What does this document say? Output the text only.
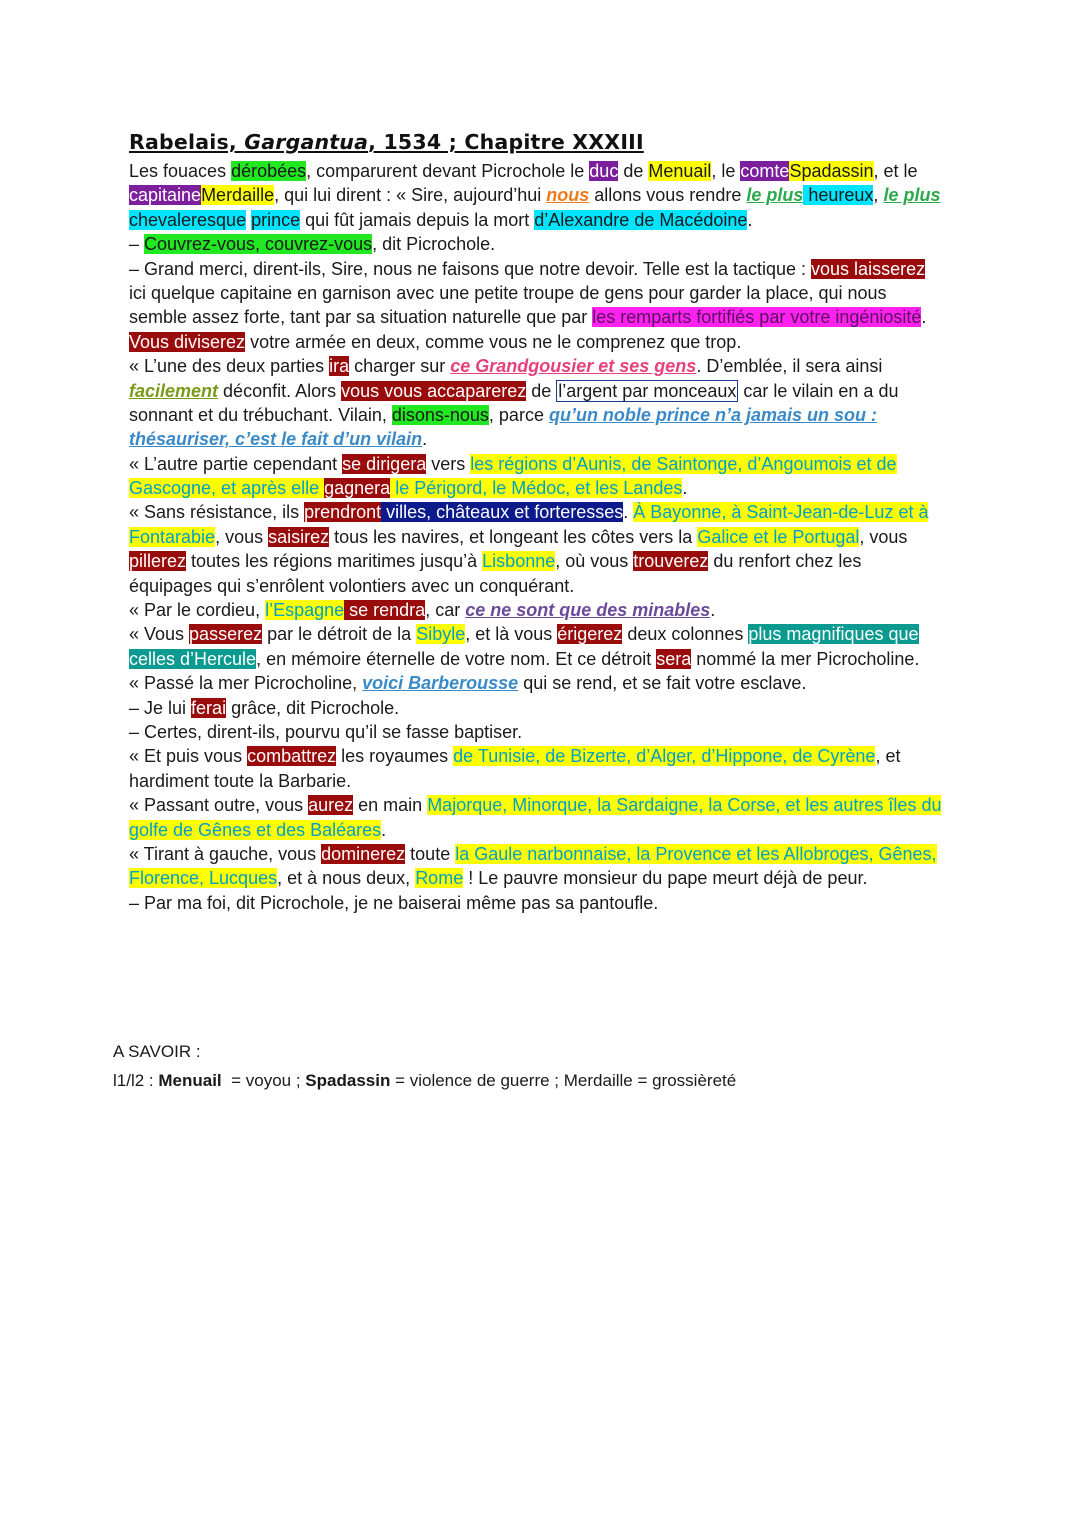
Rabelais, Gargantua, 1534 ; Chapitre XXXIII
Les fouaces dérobées, comparurent devant Picrochole le duc de Menuail, le comteSpadassin, et le
capitaineMerdaille, qui lui dirent : « Sire, aujourd’hui nous allons vous rendre le plus heureux, le plus
chevaleresque prince qui fût jamais depuis la mort d’Alexandre de Macédoine.
– Couvrez-vous, couvrez-vous, dit Picrochole.
– Grand merci, dirent-ils, Sire, nous ne faisons que notre devoir. Telle est la tactique : vous laisserez
ici quelque capitaine en garnison avec une petite troupe de gens pour garder la place, qui nous
semble assez forte, tant par sa situation naturelle que par les remparts fortifiés par votre ingéniosité.
Vous diviserez votre armée en deux, comme vous ne le comprenez que trop.
« L’une des deux parties ira charger sur ce Grandgousier et ses gens. D’emblée, il sera ainsi
facilement déconfit. Alors vous vous accaparerez de l’argent par monceaux car le vilain en a du
sonnant et du trébuchant. Vilain, disons-nous, parce qu’un noble prince n’a jamais un sou :
thésauriser, c’est le fait d’un vilain.
« L’autre partie cependant se dirigera vers les régions d’Aunis, de Saintonge, d’Angoumois et de
Gascogne, et après elle gagnera le Périgord, le Médoc, et les Landes.
« Sans résistance, ils prendront villes, châteaux et forteresses. À Bayonne, à Saint-Jean-de-Luz et à
Fontarabie, vous saisirez tous les navires, et longeant les côtes vers la Galice et le Portugal, vous
pillerez toutes les régions maritimes jusqu’à Lisbonne, où vous trouverez du renfort chez les
équipages qui s’enrôlent volontiers avec un conquérant.
« Par le cordieu, l’Espagne se rendra, car ce ne sont que des minables.
« Vous passerez par le détroit de la Sibyle, et là vous érigerez deux colonnes plus magnifiques que
celles d’Hercule, en mémoire éternelle de votre nom. Et ce détroit sera nommé la mer Picrocholine.
« Passé la mer Picrocholine, voici Barberousse qui se rend, et se fait votre esclave.
– Je lui ferai grâce, dit Picrochole.
– Certes, dirent-ils, pourvu qu’il se fasse baptiser.
« Et puis vous combattrez les royaumes de Tunisie, de Bizerte, d’Alger, d’Hippone, de Cyrène, et
hardiment toute la Barbarie.
« Passant outre, vous aurez en main Majorque, Minorque, la Sardaigne, la Corse, et les autres îles du
golfe de Gênes et des Baléares.
« Tirant à gauche, vous dominerez toute la Gaule narbonnaise, la Provence et les Allobroges, Gênes,
Florence, Lucques, et à nous deux, Rome ! Le pauvre monsieur du pape meurt déjà de peur.
– Par ma foi, dit Picrochole, je ne baiserai même pas sa pantoufle.
A SAVOIR :
l1/l2 : Menuail  = voyou ; Spadassin = violence de guerre ; Merdaille = grossièreté
